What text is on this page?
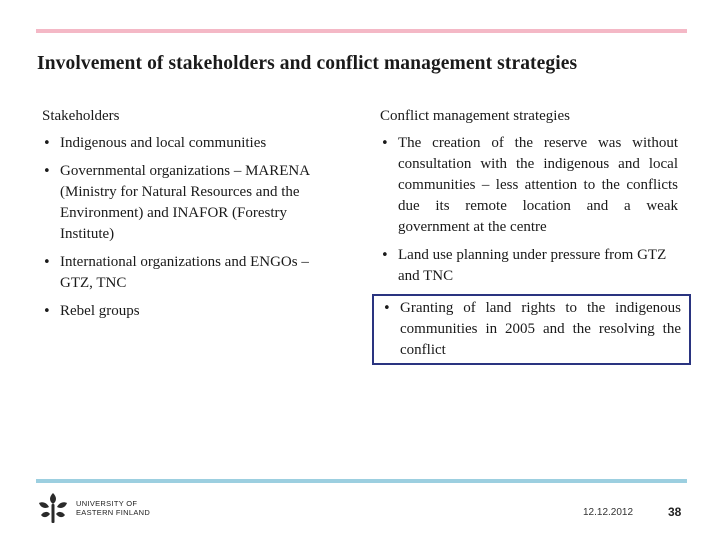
Involvement of stakeholders and conflict management strategies
Stakeholders
• Indigenous and local communities
• Governmental organizations – MARENA (Ministry for Natural Resources and the Environment) and INAFOR (Forestry Institute)
• International organizations and ENGOs – GTZ, TNC
• Rebel groups
Conflict management strategies
• The creation of the reserve was without consultation with the indigenous and local communities – less attention to the conflicts due its remote location and a weak government at the centre
• Land use planning under pressure from GTZ and TNC
• Granting of land rights to the indigenous communities in 2005 and the resolving the conflict
UNIVERSITY OF
EASTERN FINLAND	12.12.2012	38
